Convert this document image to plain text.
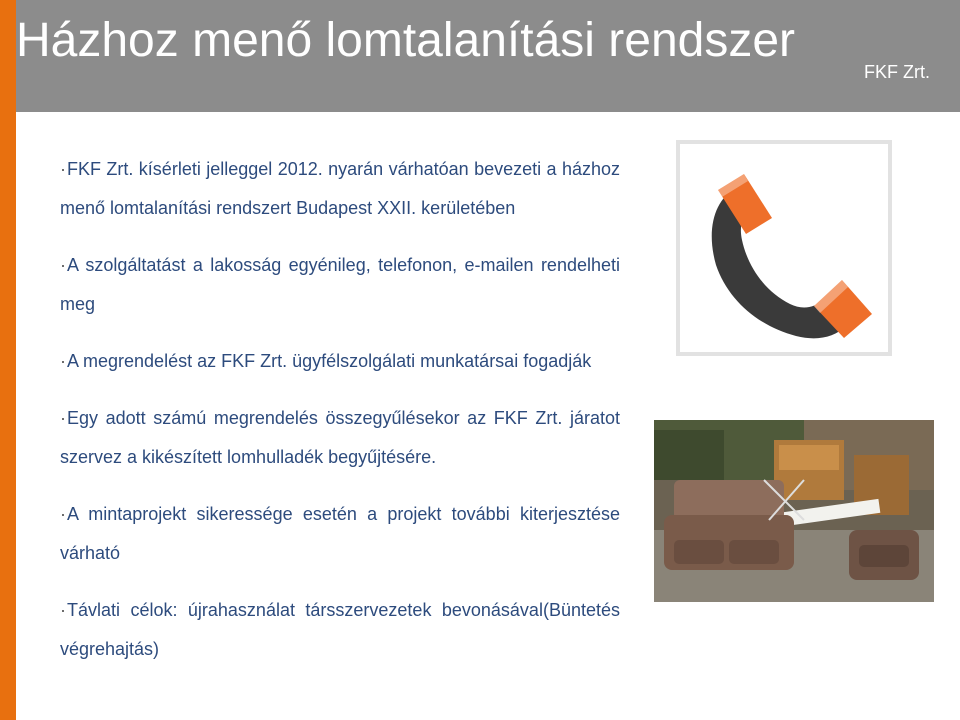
Házhoz menő lomtalanítási rendszer
FKF Zrt.

· FKF Zrt. kísérleti jelleggel 2012. nyarán várhatóan bevezeti a házhoz menő lomtalanítási rendszert Budapest XXII. kerületében

· A szolgáltatást a lakosság egyénileg, telefonon, e-mailen rendelheti meg

· A megrendelést az FKF Zrt. ügyfélszolgálati munkatársai fogadják

· Egy adott számú megrendelés összegyűlésekor az FKF Zrt. járatot szervez a kikészített lomhulladék begyűjtésére.

· A mintaprojekt sikeressége esetén a projekt további kiterjesztése várható

· Távlati célok: újrahasználat társszervezetek bevonásával(Büntetés végrehajtás)
